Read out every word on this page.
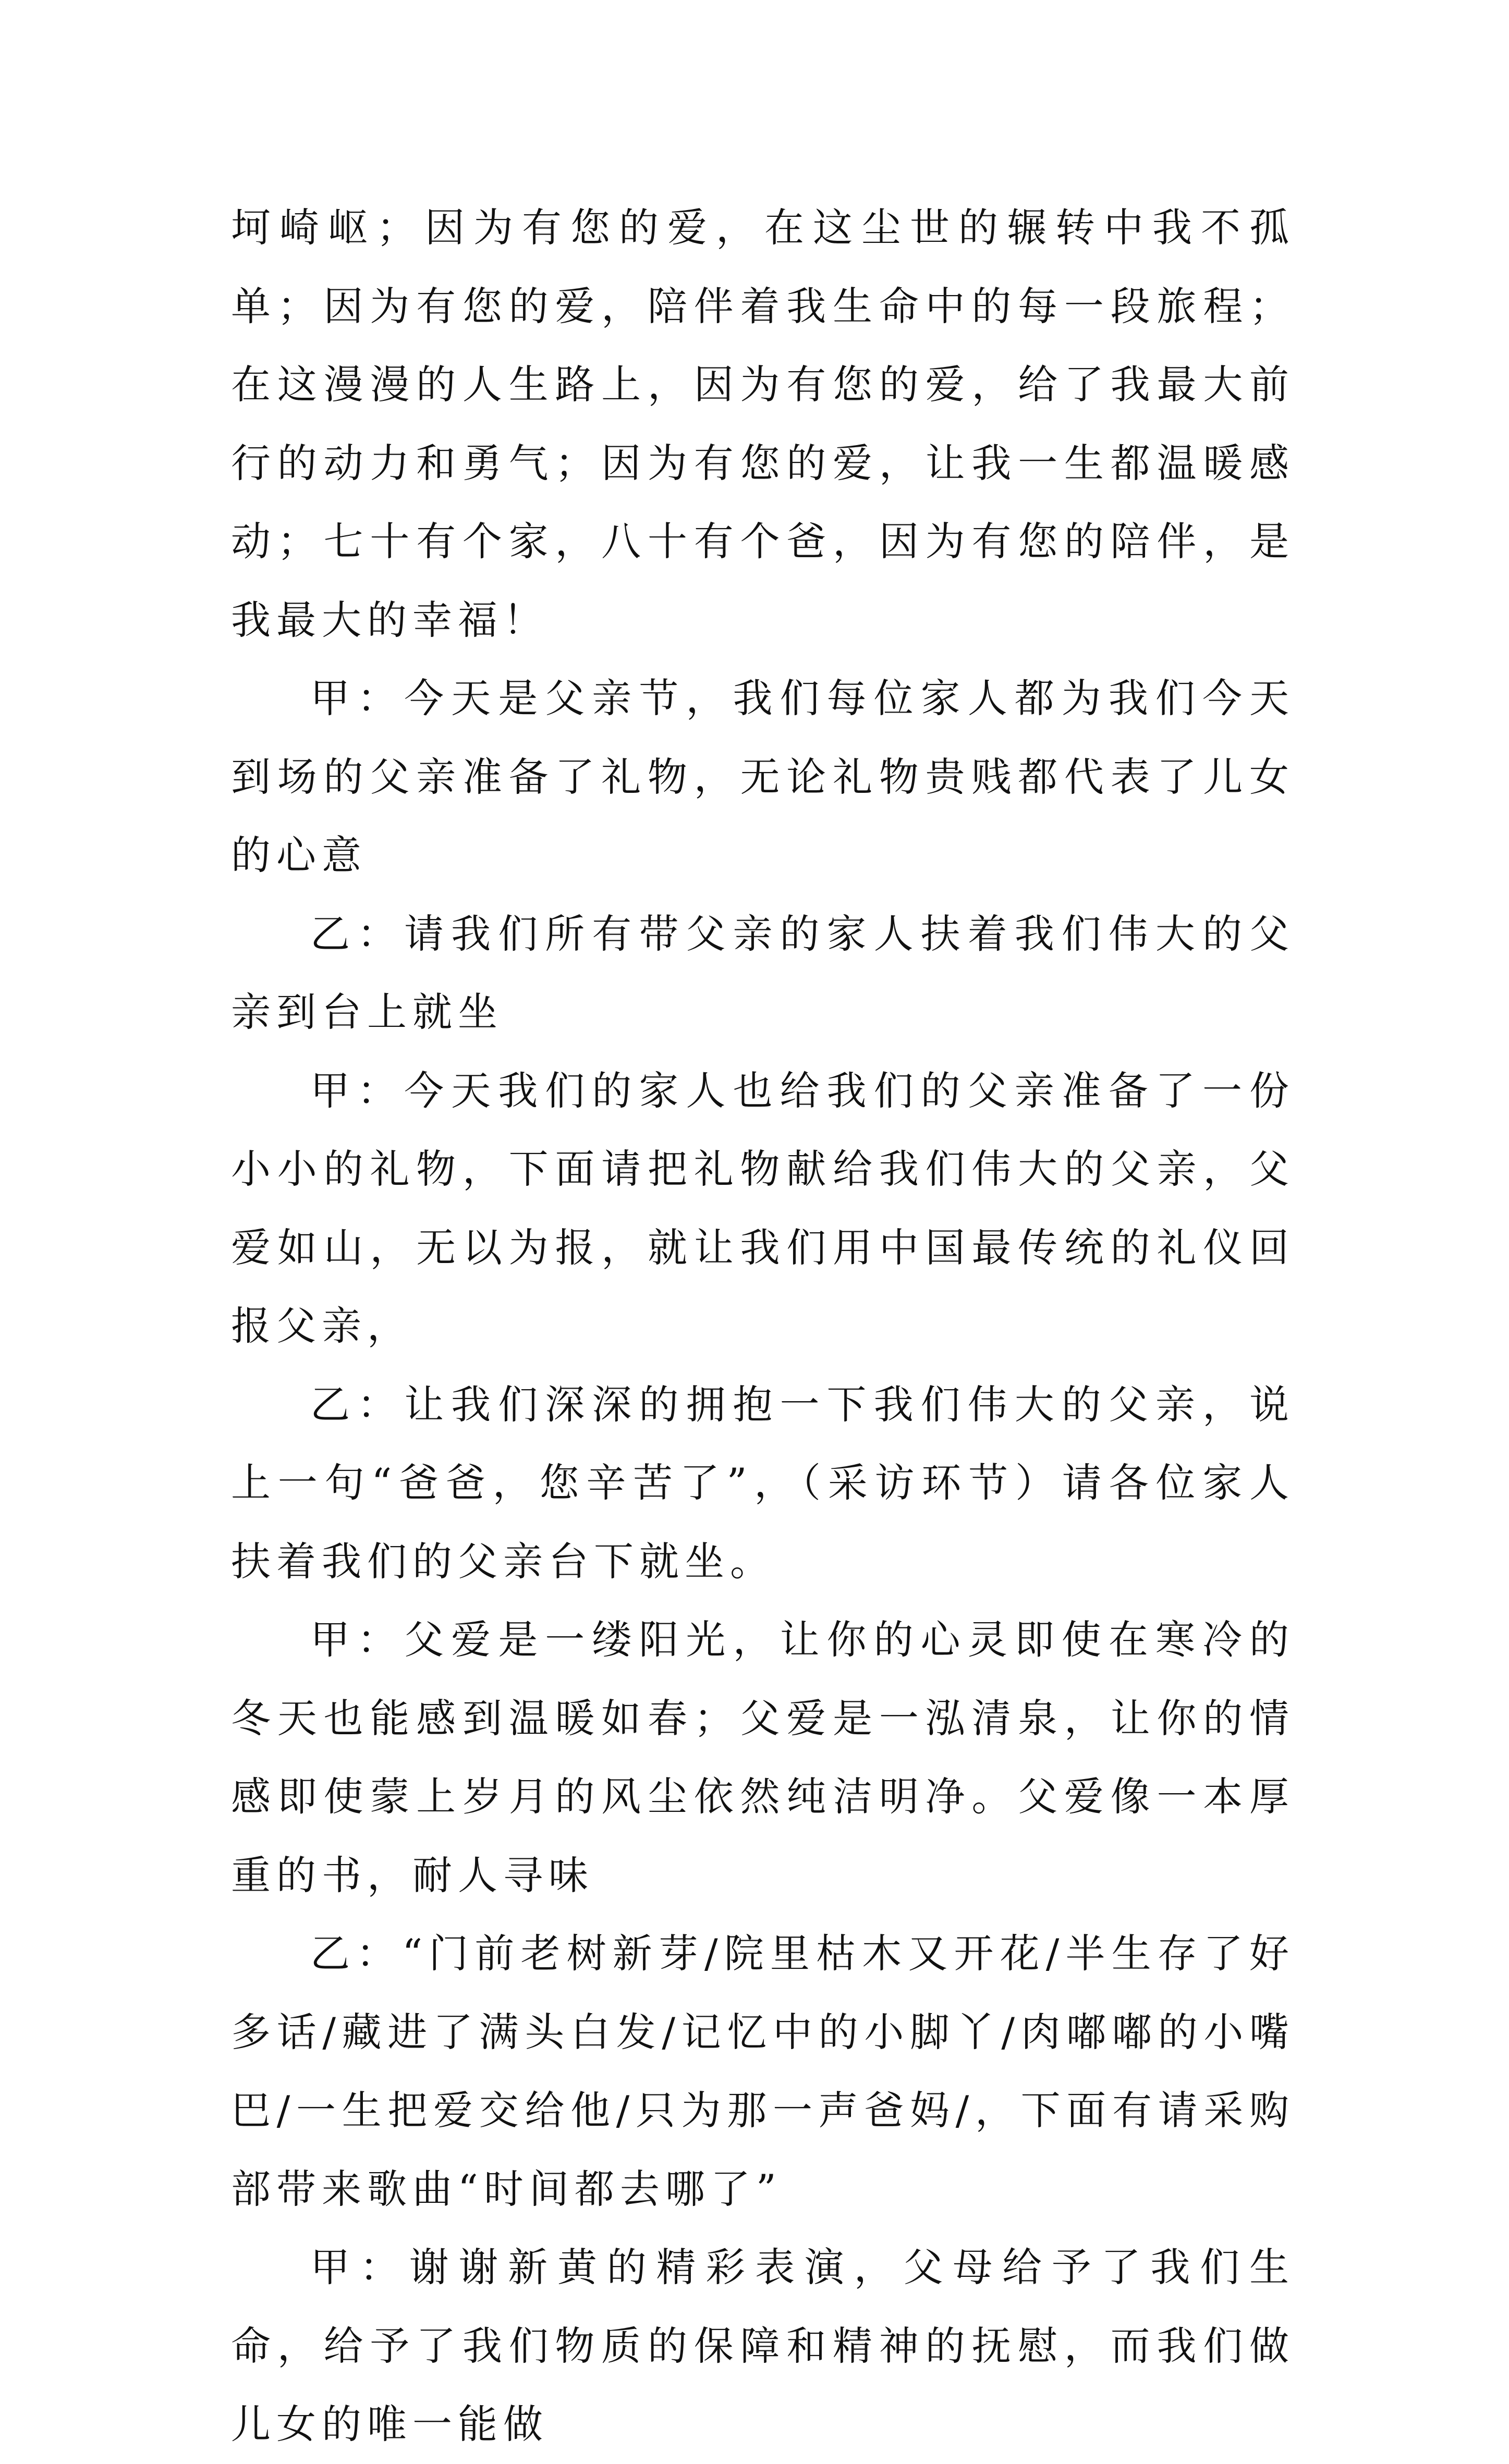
坷崎岖；因为有您的爱，在这尘世的辗转中我不孤单；因为有您的爱，陪伴着我生命中的每一段旅程；在这漫漫的人生路上，因为有您的爱，给了我最大前行的动力和勇气；因为有您的爱，让我一生都温暖感动；七十有个家，八十有个爸，因为有您的陪伴，是我最大的幸福！

甲：今天是父亲节，我们每位家人都为我们今天到场的父亲准备了礼物，无论礼物贵贱都代表了儿女的心意

乙：请我们所有带父亲的家人扶着我们伟大的父亲到台上就坐

甲：今天我们的家人也给我们的父亲准备了一份小小的礼物，下面请把礼物献给我们伟大的父亲，父爱如山，无以为报，就让我们用中国最传统的礼仪回报父亲，

乙：让我们深深的拥抱一下我们伟大的父亲，说上一句“爸爸，您辛苦了”，（采访环节）请各位家人扶着我们的父亲台下就坐。

甲：父爱是一缕阳光，让你的心灵即使在寒冷的冬天也能感到温暖如春；父爱是一泓清泉，让你的情感即使蒙上岁月的风尘依然纯洁明净。父爱像一本厚重的书，耐人寻味

乙：“门前老树新芽/院里枯木又开花/半生存了好多话/藏进了满头白发/记忆中的小脚丫/肉嘟嘟的小嘴巴/一生把爱交给他/只为那一声爸妈/，下面有请采购部带来歌曲“时间都去哪了”

甲：谢谢新黄的精彩表演，父母给予了我们生命，给予了我们物质的保障和精神的抚慰，而我们做儿女的唯一能做
